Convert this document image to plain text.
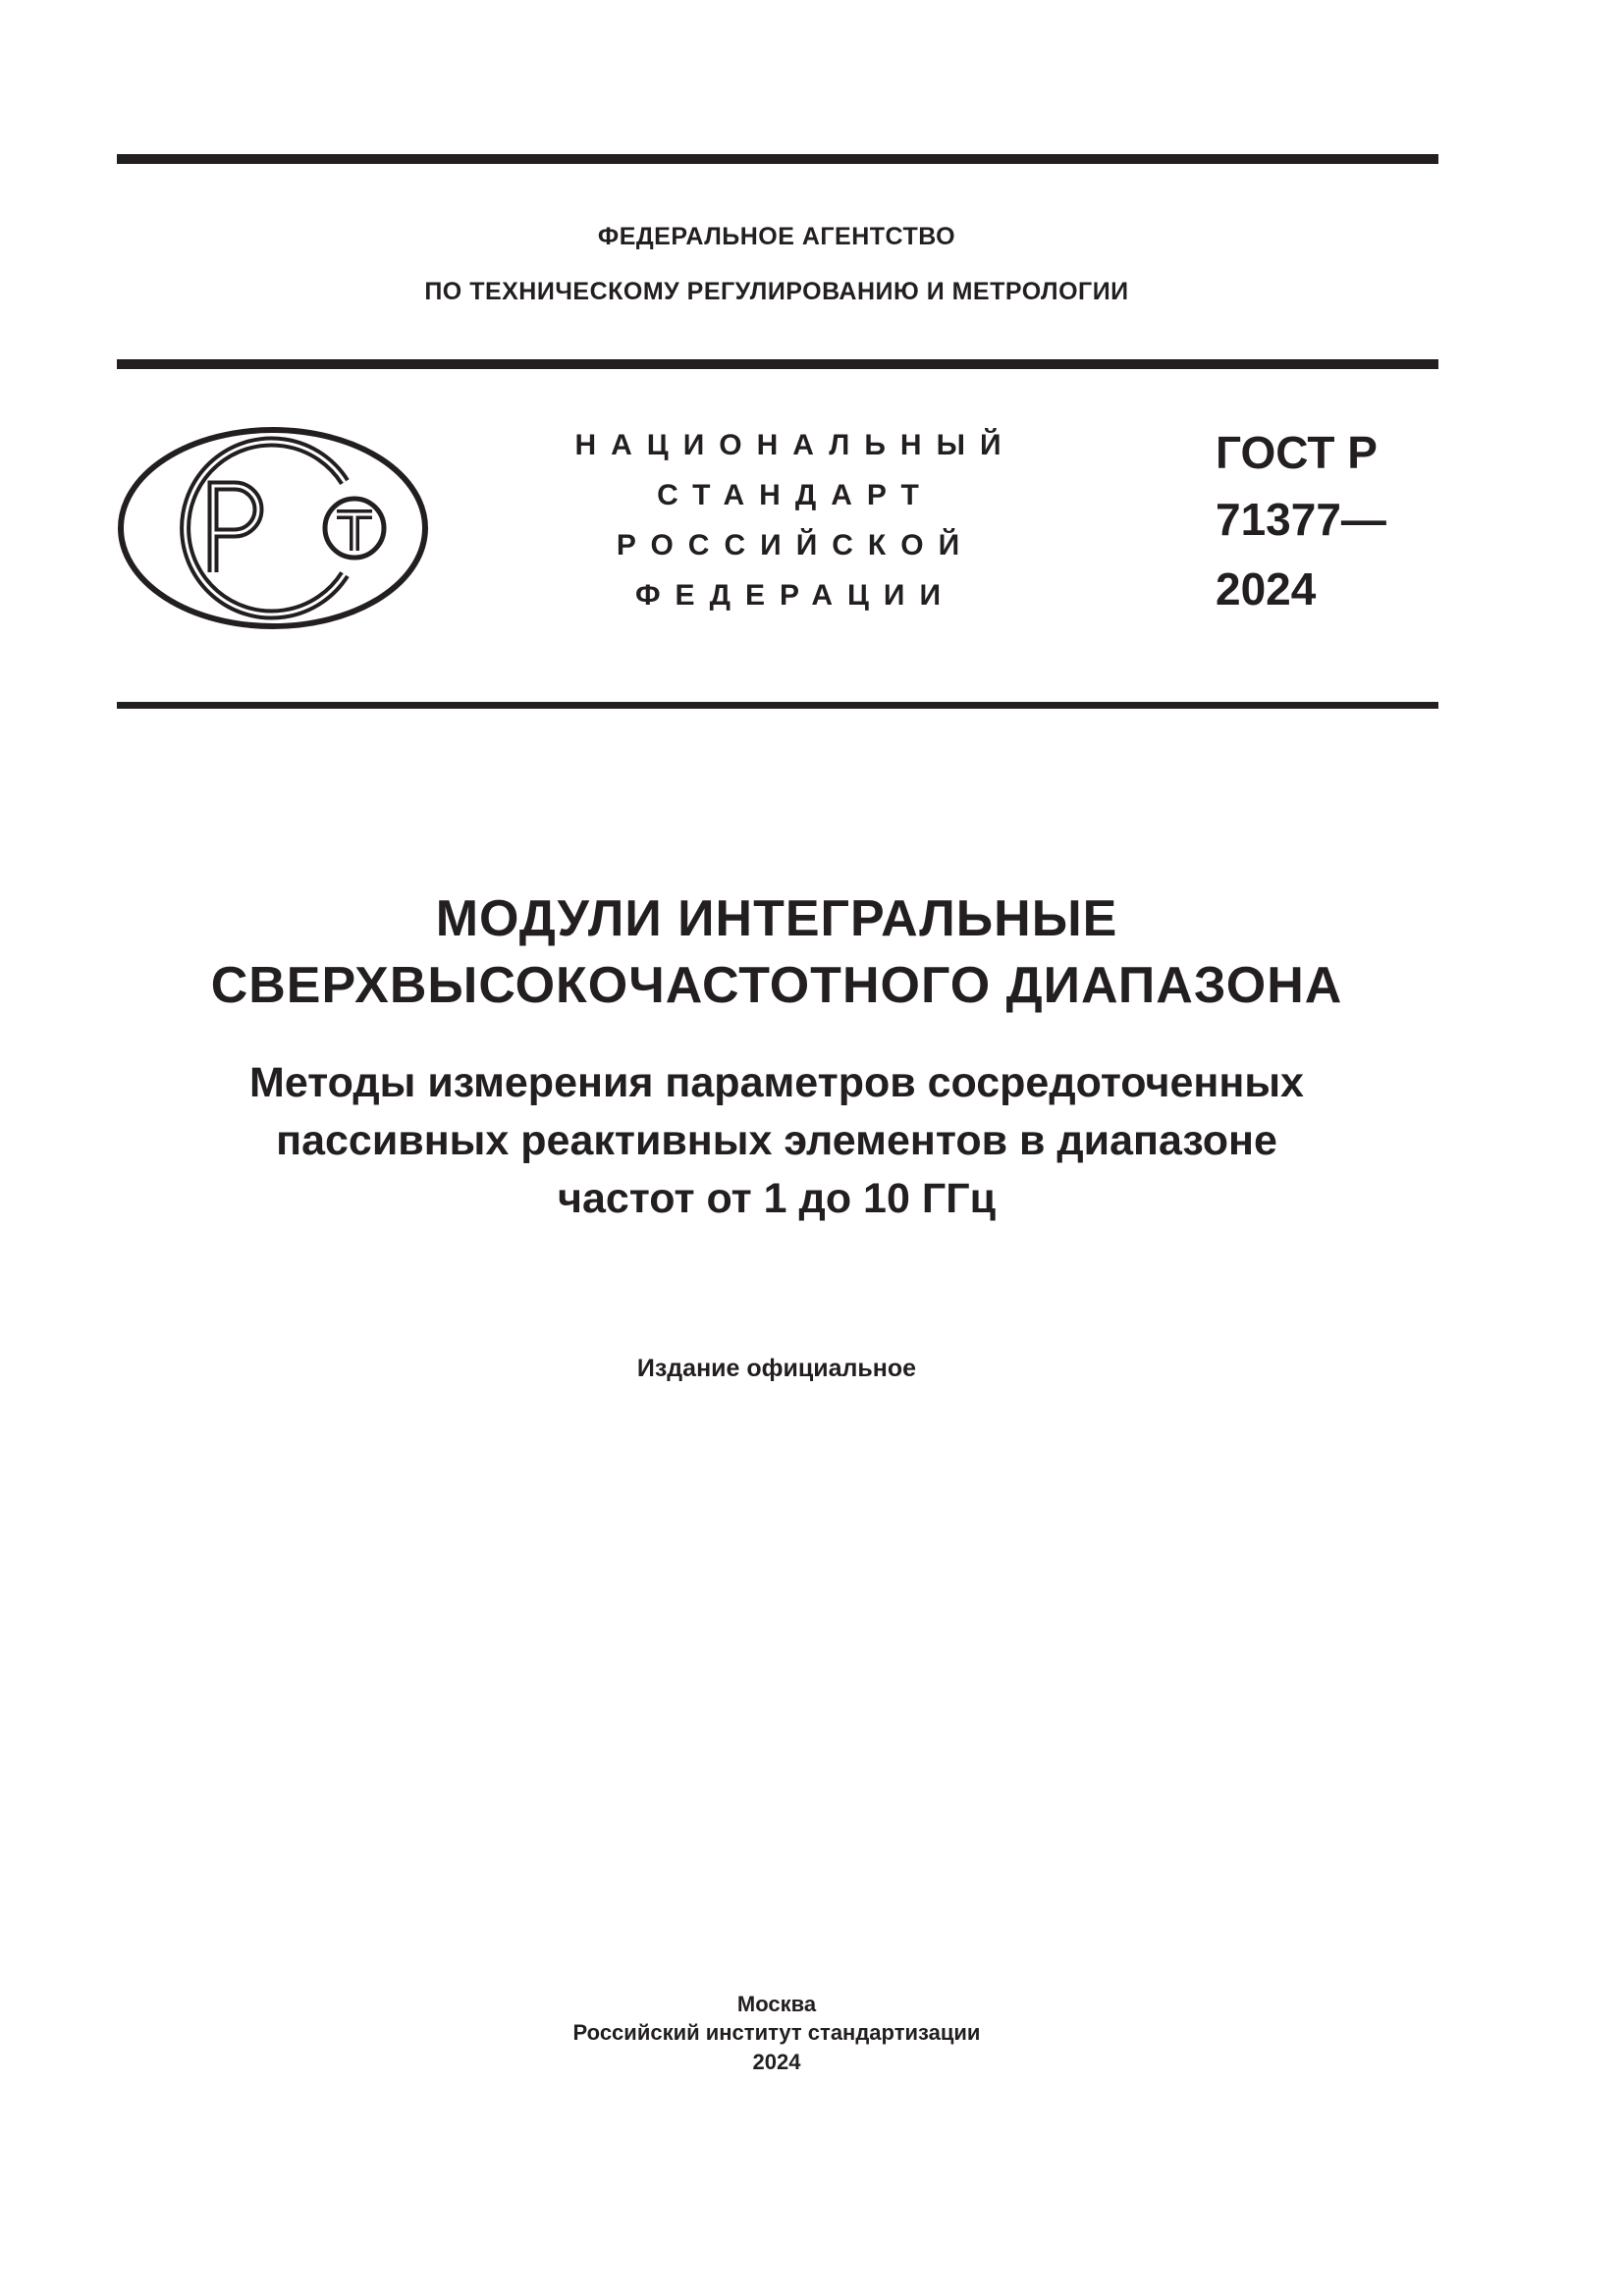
ФЕДЕРАЛЬНОЕ АГЕНТСТВО
ПО ТЕХНИЧЕСКОМУ РЕГУЛИРОВАНИЮ И МЕТРОЛОГИИ
НАЦИОНАЛЬНЫЙ
СТАНДАРТ
РОССИЙСКОЙ
ФЕДЕРАЦИИ
ГОСТ Р
71377—
2024
МОДУЛИ ИНТЕГРАЛЬНЫЕ
СВЕРХВЫСОКОЧАСТОТНОГО ДИАПАЗОНА
Методы измерения параметров сосредоточенных
пассивных реактивных элементов в диапазоне
частот от 1 до 10 ГГц
Издание официальное
Москва
Российский институт стандартизации
2024
